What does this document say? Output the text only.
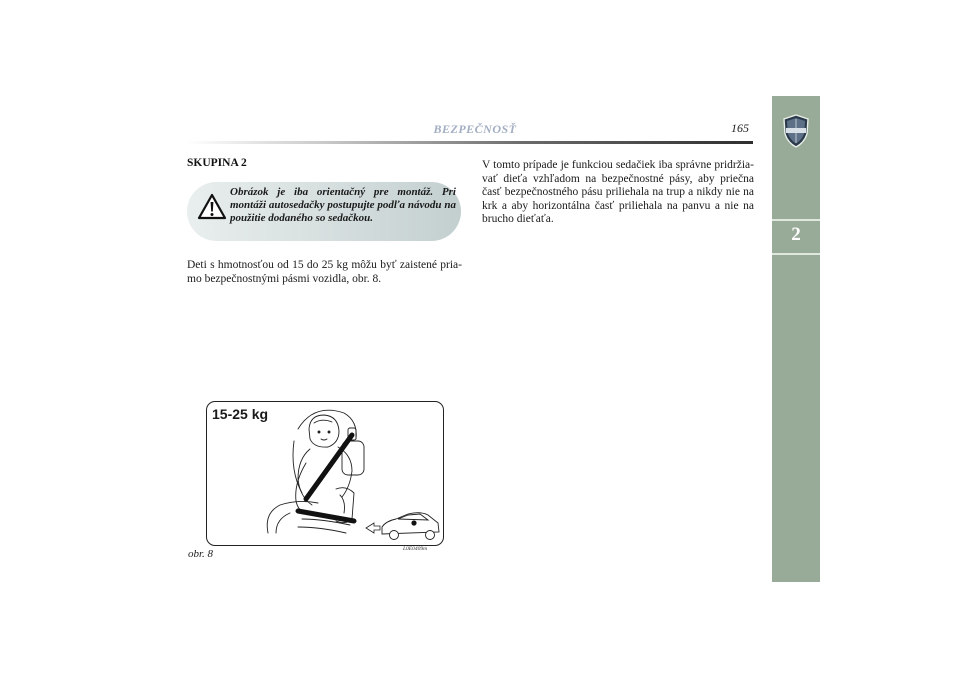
BEZPEČNOSŤ	165
2
SKUPINA 2
Obrázok je iba orientačný pre montáž. Pri montáži autosedačky postupujte podľa návodu na použitie dodaného so sedačkou.
Deti s hmotnosťou od 15 do 25 kg môžu byť zaistené pria-mo bezpečnostnými pásmi vozidla, obr. 8.
15-25 kg
L0E0409m
obr. 8
V tomto prípade je funkciou sedačiek iba správne pridržia-vať dieťa vzhľadom na bezpečnostné pásy, aby priečna časť bezpečnostného pásu priliehala na trup a nikdy nie na krk a aby horizontálna časť priliehala na panvu a nie na brucho dieťaťa.
